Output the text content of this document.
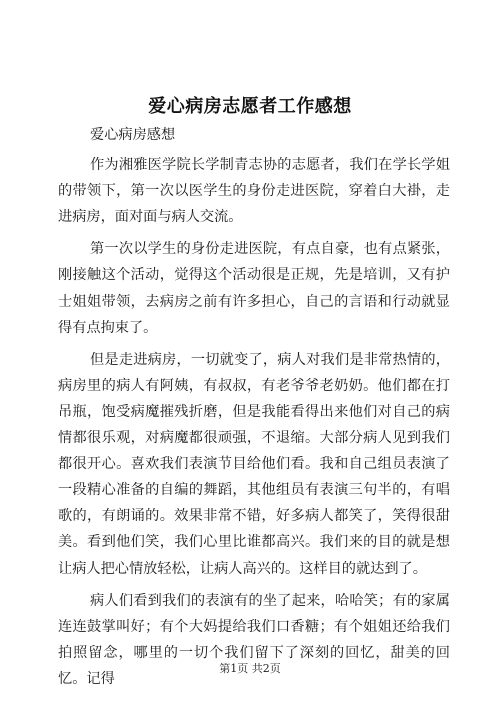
爱心病房志愿者工作感想

爱心病房感想

作为湘雅医学院长学制青志协的志愿者，我们在学长学姐的带领下，第一次以医学生的身份走进医院，穿着白大褂，走进病房，面对面与病人交流。

第一次以学生的身份走进医院，有点自豪，也有点紧张，刚接触这个活动，觉得这个活动很是正规，先是培训，又有护士姐姐带领，去病房之前有许多担心，自己的言语和行动就显得有点拘束了。

但是走进病房，一切就变了，病人对我们是非常热情的，病房里的病人有阿姨，有叔叔，有老爷爷老奶奶。他们都在打吊瓶，饱受病魔摧残折磨，但是我能看得出来他们对自己的病情都很乐观，对病魔都很顽强，不退缩。大部分病人见到我们都很开心。喜欢我们表演节目给他们看。我和自己组员表演了一段精心准备的自编的舞蹈，其他组员有表演三句半的，有唱歌的，有朗诵的。效果非常不错，好多病人都笑了，笑得很甜美。看到他们笑，我们心里比谁都高兴。我们来的目的就是想让病人把心情放轻松，让病人高兴的。这样目的就达到了。

病人们看到我们的表演有的坐了起来，哈哈笑；有的家属连连鼓掌叫好；有个大妈提给我们口香糖；有个姐姐还给我们拍照留念，哪里的一切个我们留下了深刻的回忆，甜美的回忆。记得

第1页 共2页
